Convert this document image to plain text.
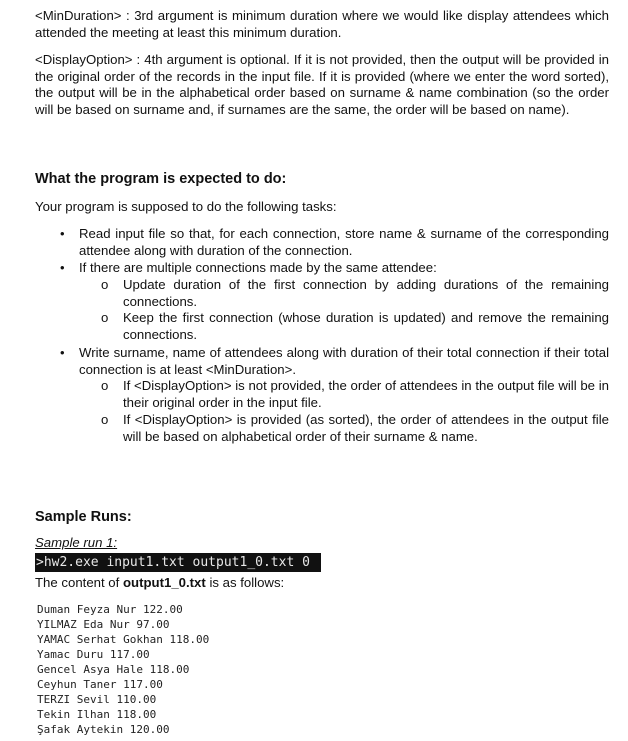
<MinDuration> : 3rd argument is minimum duration where we would like display attendees which attended the meeting at least this minimum duration.

<DisplayOption> : 4th argument is optional. If it is not provided, then the output will be provided in the original order of the records in the input file. If it is provided (where we enter the word sorted), the output will be in the alphabetical order based on surname & name combination (so the order will be based on surname and, if surnames are the same, the order will be based on name).

What the program is expected to do:

Your program is supposed to do the following tasks:

• Read input file so that, for each connection, store name & surname of the corresponding attendee along with duration of the connection.

• If there are multiple connections made by the same attendee:

o Update duration of the first connection by adding durations of the remaining connections.

o Keep the first connection (whose duration is updated) and remove the remaining connections.

• Write surname, name of attendees along with duration of their total connection if their total connection is at least <MinDuration>.

o If <DisplayOption> is not provided, the order of attendees in the output file will be in their original order in the input file.

o If <DisplayOption> is provided (as sorted), the order of attendees in the output file will be based on alphabetical order of their surname & name.

Sample Runs:

Sample run 1:

>hw2.exe input1.txt output1_0.txt 0

The content of output1_0.txt is as follows:

Duman Feyza Nur 122.00
YILMAZ Eda Nur 97.00
YAMAC Serhat Gokhan 118.00
Yamac Duru 117.00
Gencel Asya Hale 118.00
Ceyhun Taner 117.00
TERZI Sevil 110.00
Tekin Ilhan 118.00
Şafak Aytekin 120.00
